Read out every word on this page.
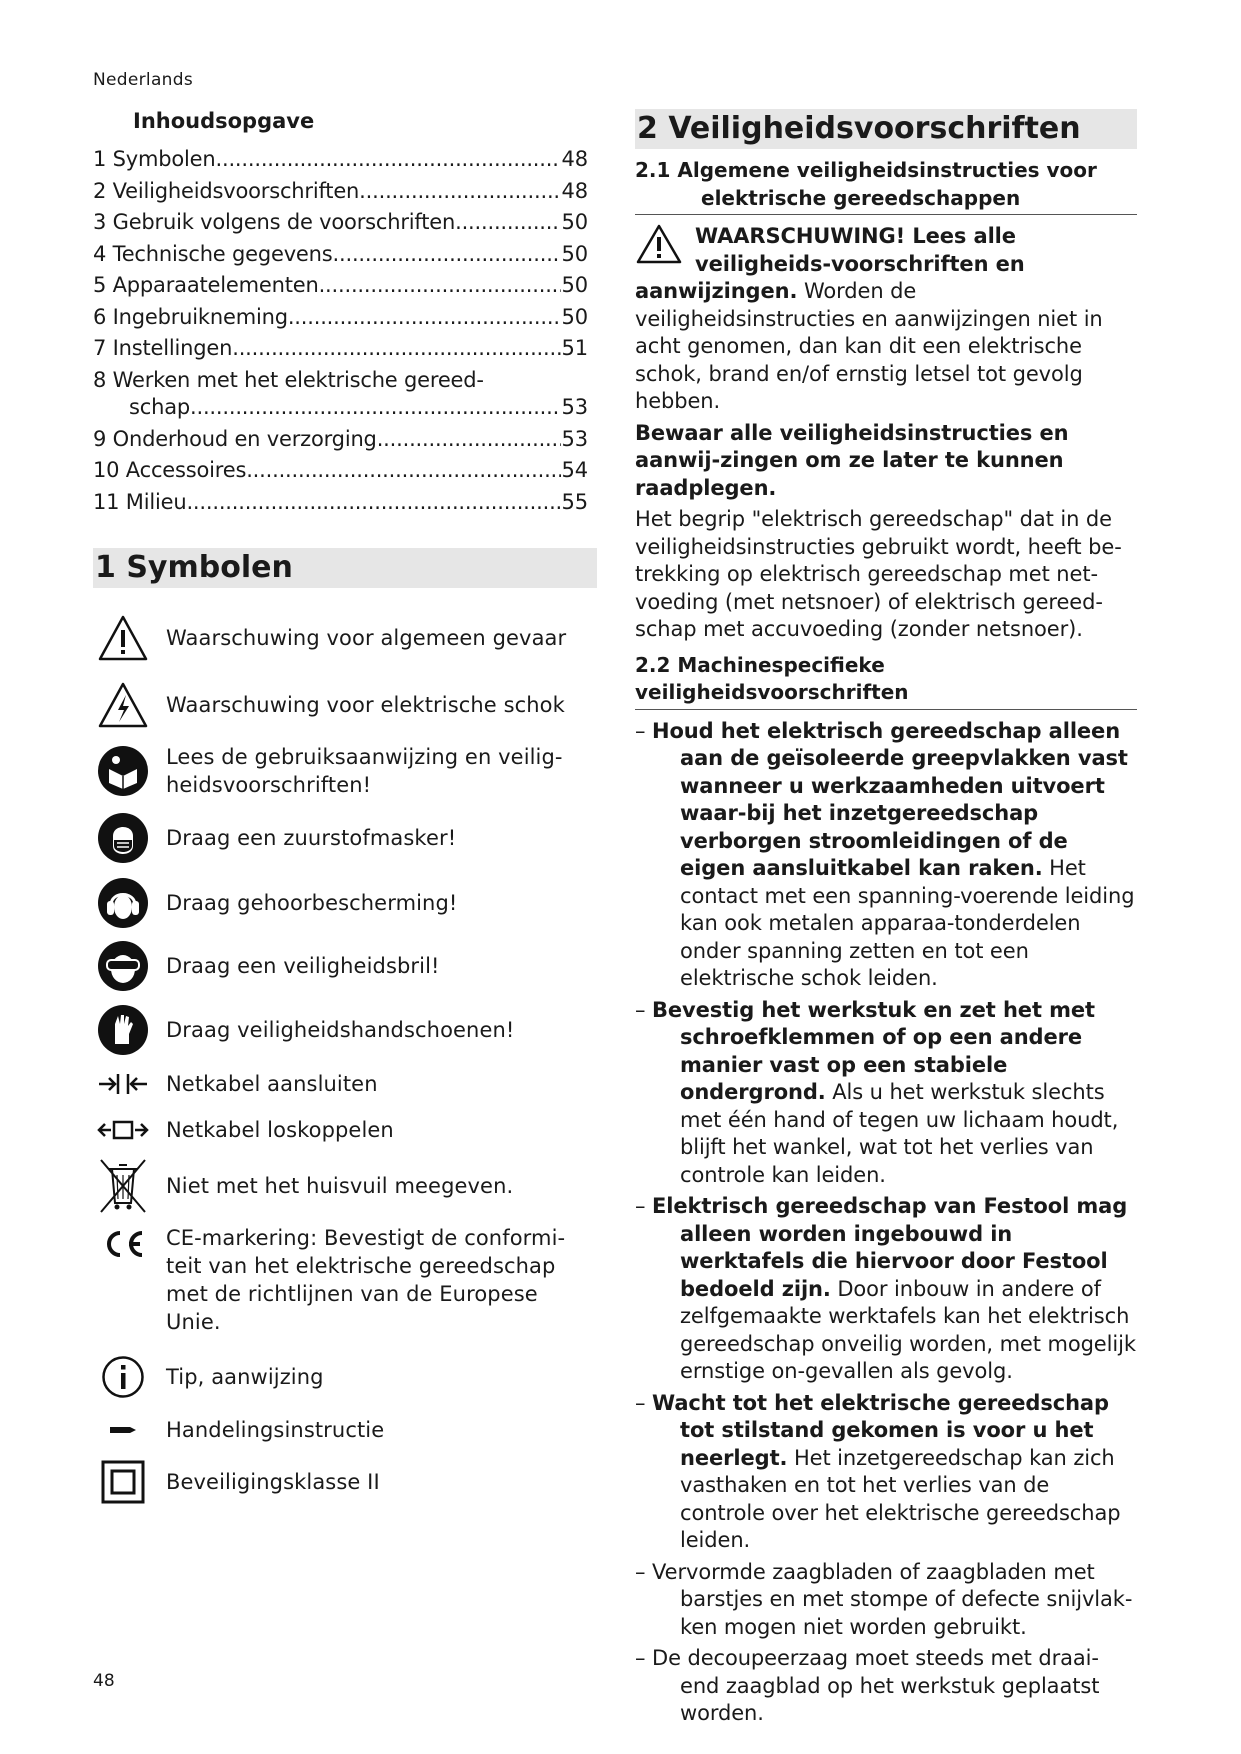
Nederlands
Inhoudsopgave
1 Symbolen .....	48
2 Veiligheidsvoorschriften .....	48
3 Gebruik volgens de voorschriften .....	50
4 Technische gegevens .....	50
5 Apparaatelementen .....	50
6 Ingebruikneming .....	50
7 Instellingen .....	51
8 Werken met het elektrische gereed-
schap .....	53
9 Onderhoud en verzorging .....	53
10 Accessoires .....	54
11 Milieu .....	55
1 Symbolen
Waarschuwing voor algemeen gevaar
Waarschuwing voor elektrische schok
Lees de gebruiksaanwijzing en veilig-heidsvoorschriften!
Draag een zuurstofmasker!
Draag gehoorbescherming!
Draag een veiligheidsbril!
Draag veiligheidshandschoenen!
Netkabel aansluiten
Netkabel loskoppelen
Niet met het huisvuil meegeven.
CE-markering: Bevestigt de conformi-teit van het elektrische gereedschap met de richtlijnen van de Europese Unie.
Tip, aanwijzing
Handelingsinstructie
Beveiligingsklasse II
2 Veiligheidsvoorschriften
2.1 Algemene veiligheidsinstructies voor
elektrische gereedschappen

WAARSCHUWING! Lees alle veiligheids-voorschriften en aanwijzingen. Worden de veiligheidsinstructies en aanwijzingen niet in acht genomen, dan kan dit een elektrische schok, brand en/of ernstig letsel tot gevolg hebben.

Bewaar alle veiligheidsinstructies en aanwij-zingen om ze later te kunnen raadplegen.

Het begrip "elektrisch gereedschap" dat in de veiligheidsinstructies gebruikt wordt, heeft be-trekking op elektrisch gereedschap met net-voeding (met netsnoer) of elektrisch gereed-schap met accuvoeding (zonder netsnoer).

2.2 Machinespecifieke
veiligheidsvoorschriften
– Houd het elektrisch gereedschap alleen aan de geïsoleerde greepvlakken vast wanneer u werkzaamheden uitvoert waar-bij het inzetgereedschap verborgen stroomleidingen of de eigen aansluitkabel kan raken. Het contact met een spanning-voerende leiding kan ook metalen apparaa-tonderdelen onder spanning zetten en tot een elektrische schok leiden.
– Bevestig het werkstuk en zet het met schroefklemmen of op een andere manier vast op een stabiele ondergrond. Als u het werkstuk slechts met één hand of tegen uw lichaam houdt, blijft het wankel, wat tot het verlies van controle kan leiden.
– Elektrisch gereedschap van Festool mag alleen worden ingebouwd in werktafels die hiervoor door Festool bedoeld zijn. Door inbouw in andere of zelfgemaakte werktafels kan het elektrisch gereedschap onveilig worden, met mogelijk ernstige on-gevallen als gevolg.
– Wacht tot het elektrische gereedschap tot stilstand gekomen is voor u het neerlegt. Het inzetgereedschap kan zich vasthaken en tot het verlies van de controle over het elektrische gereedschap leiden.
– Vervormde zaagbladen of zaagbladen met barstjes en met stompe of defecte snijvlak-ken mogen niet worden gebruikt.
– De decoupeerzaag moet steeds met draai-end zaagblad op het werkstuk geplaatst worden.
48
